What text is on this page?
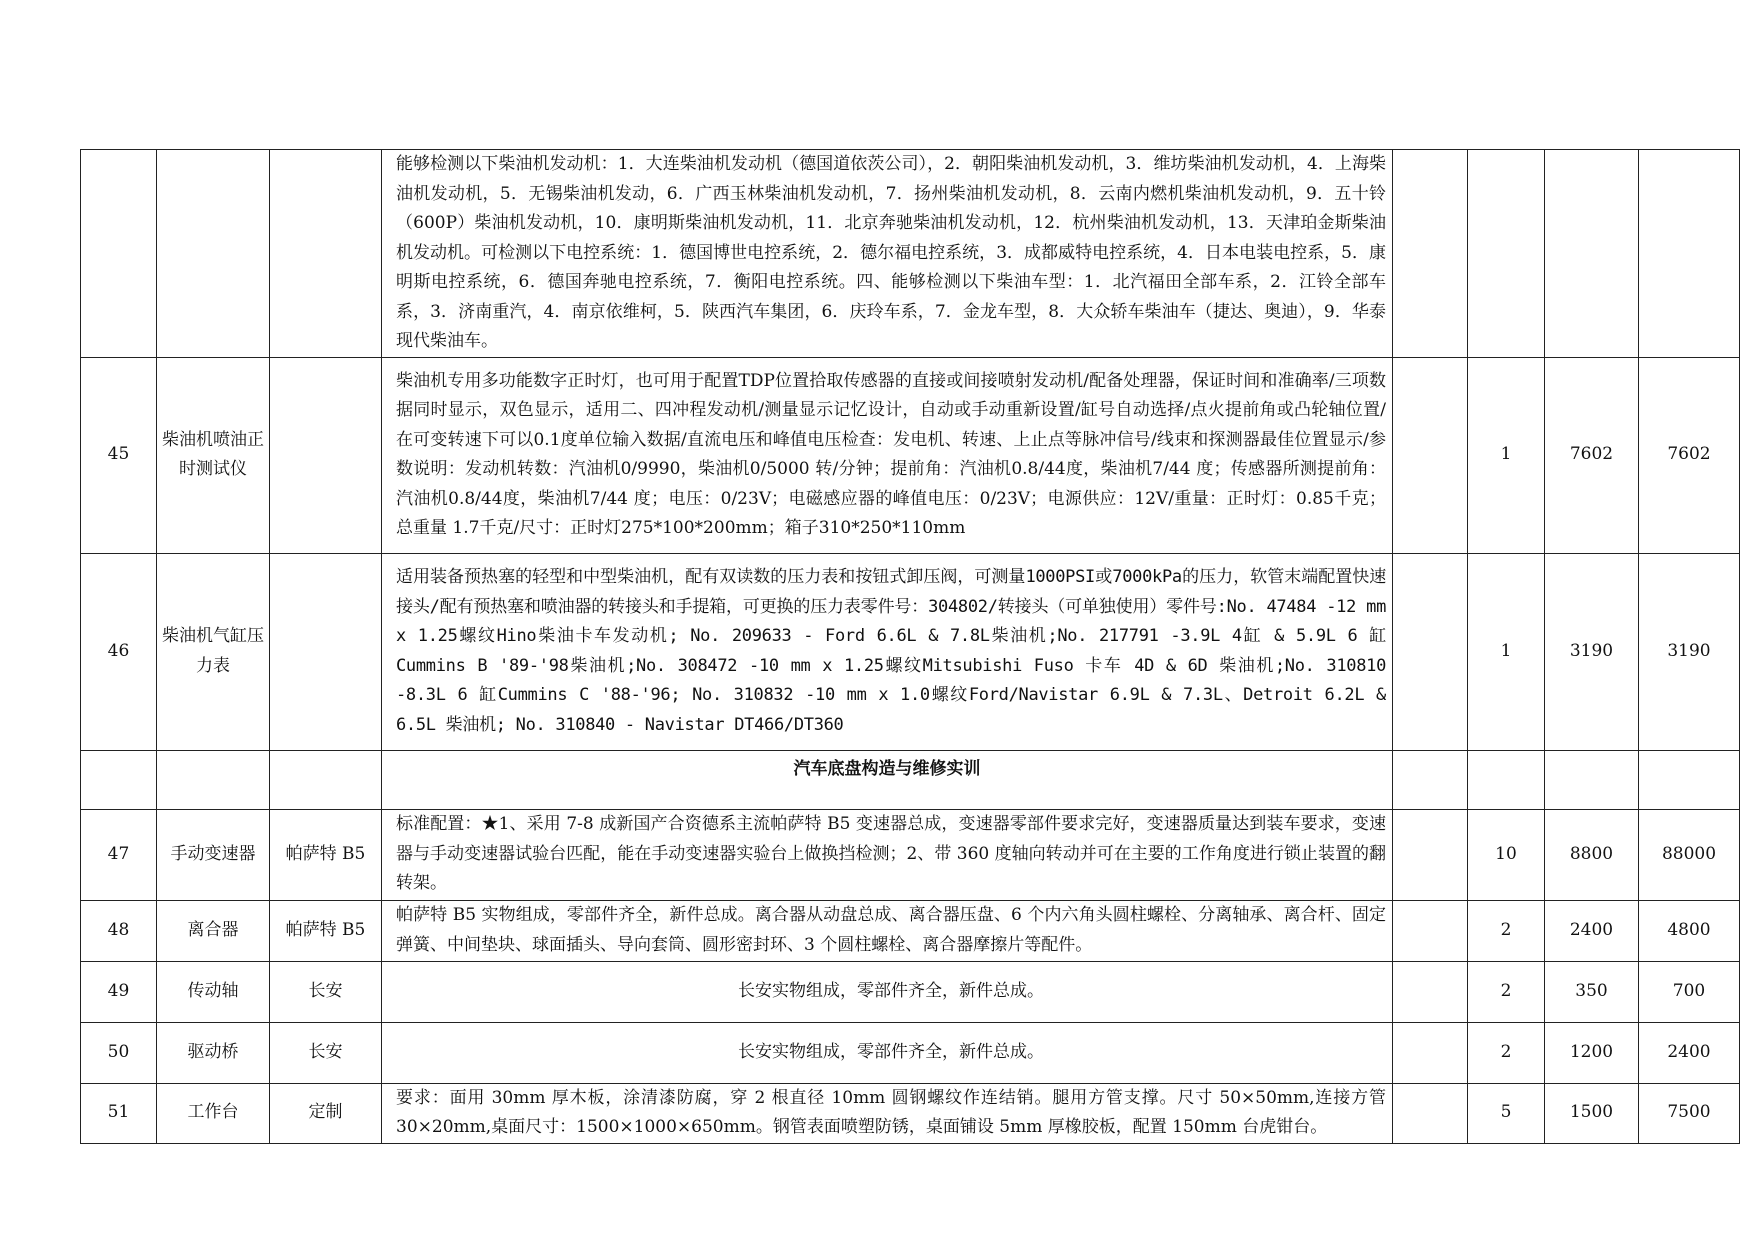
			能够检测以下柴油机发动机：1．大连柴油机发动机（德国道依茨公司），2．朝阳柴油机发动机，3．维坊柴油机发动机，4．上海柴油机发动机，5．无锡柴油机发动，6．广西玉林柴油机发动机，7．扬州柴油机发动机，8．云南内燃机柴油机发动机，9．五十铃（600P）柴油机发动机，10．康明斯柴油机发动机，11．北京奔驰柴油机发动机，12．杭州柴油机发动机，13．天津珀金斯柴油机发动机。可检测以下电控系统：1．德国博世电控系统，2．德尔福电控系统，3．成都威特电控系统，4．日本电装电控系，5．康明斯电控系统，6．德国奔驰电控系统，7．衡阳电控系统。四、能够检测以下柴油车型：1．北汽福田全部车系，2．江铃全部车系，3．济南重汽，4．南京依维柯，5．陕西汽车集团，6．庆玲车系，7．金龙车型，8．大众轿车柴油车（捷达、奥迪），9．华泰现代柴油车。				
45	柴油机喷油正时测试仪		柴油机专用多功能数字正时灯，也可用于配置TDP位置拾取传感器的直接或间接喷射发动机/配备处理器，保证时间和准确率/三项数据同时显示，双色显示，适用二、四冲程发动机/测量显示记忆设计，自动或手动重新设置/缸号自动选择/点火提前角或凸轮轴位置/在可变转速下可以0.1度单位输入数据/直流电压和峰值电压检查：发电机、转速、上止点等脉冲信号/线束和探测器最佳位置显示/参数说明：发动机转数：汽油机0/9990，柴油机0/5000 转/分钟；提前角：汽油机0.8/44度，柴油机7/44 度；传感器所测提前角：汽油机0.8/44度，柴油机7/44 度；电压：0/23V；电磁感应器的峰值电压：0/23V；电源供应：12V/重量：正时灯：0.85千克；总重量 1.7千克/尺寸：正时灯275*100*200mm；箱子310*250*110mm		1	7602	7602
46	柴油机气缸压力表		适用装备预热塞的轻型和中型柴油机，配有双读数的压力表和按钮式卸压阀，可测量1000PSI或7000kPa的压力，软管末端配置快速接头/配有预热塞和喷油器的转接头和手提箱，可更换的压力表零件号：304802/转接头（可单独使用）零件号:No. 47484 -12 mm x 1.25螺纹Hino柴油卡车发动机; No. 209633 - Ford 6.6L & 7.8L柴油机;No. 217791 -3.9L 4缸 & 5.9L 6 缸 Cummins B '89-'98柴油机;No. 308472 -10 mm x 1.25螺纹Mitsubishi Fuso 卡车 4D & 6D 柴油机;No. 310810 -8.3L 6 缸Cummins C '88-'96; No. 310832 -10 mm x 1.0螺纹Ford/Navistar 6.9L & 7.3L、Detroit 6.2L & 6.5L 柴油机; No. 310840 - Navistar DT466/DT360		1	3190	3190
			汽车底盘构造与维修实训				
47	手动变速器	帕萨特 B5	标准配置：★1、采用 7-8 成新国产合资德系主流帕萨特 B5 变速器总成，变速器零部件要求完好，变速器质量达到装车要求，变速器与手动变速器试验台匹配，能在手动变速器实验台上做换挡检测；2、带 360 度轴向转动并可在主要的工作角度进行锁止装置的翻转架。		10	8800	88000
48	离合器	帕萨特 B5	帕萨特 B5 实物组成，零部件齐全，新件总成。离合器从动盘总成、离合器压盘、6 个内六角头圆柱螺栓、分离轴承、离合杆、固定弹簧、中间垫块、球面插头、导向套筒、圆形密封环、3 个圆柱螺栓、离合器摩擦片等配件。		2	2400	4800
49	传动轴	长安	长安实物组成，零部件齐全，新件总成。		2	350	700
50	驱动桥	长安	长安实物组成，零部件齐全，新件总成。		2	1200	2400
51	工作台	定制	要求：面用 30mm 厚木板，涂清漆防腐，穿 2 根直径 10mm 圆钢螺纹作连结销。腿用方管支撑。尺寸 50×50mm,连接方管 30×20mm,桌面尺寸：1500×1000×650mm。钢管表面喷塑防锈，桌面铺设 5mm 厚橡胶板，配置 150mm 台虎钳台。		5	1500	7500
